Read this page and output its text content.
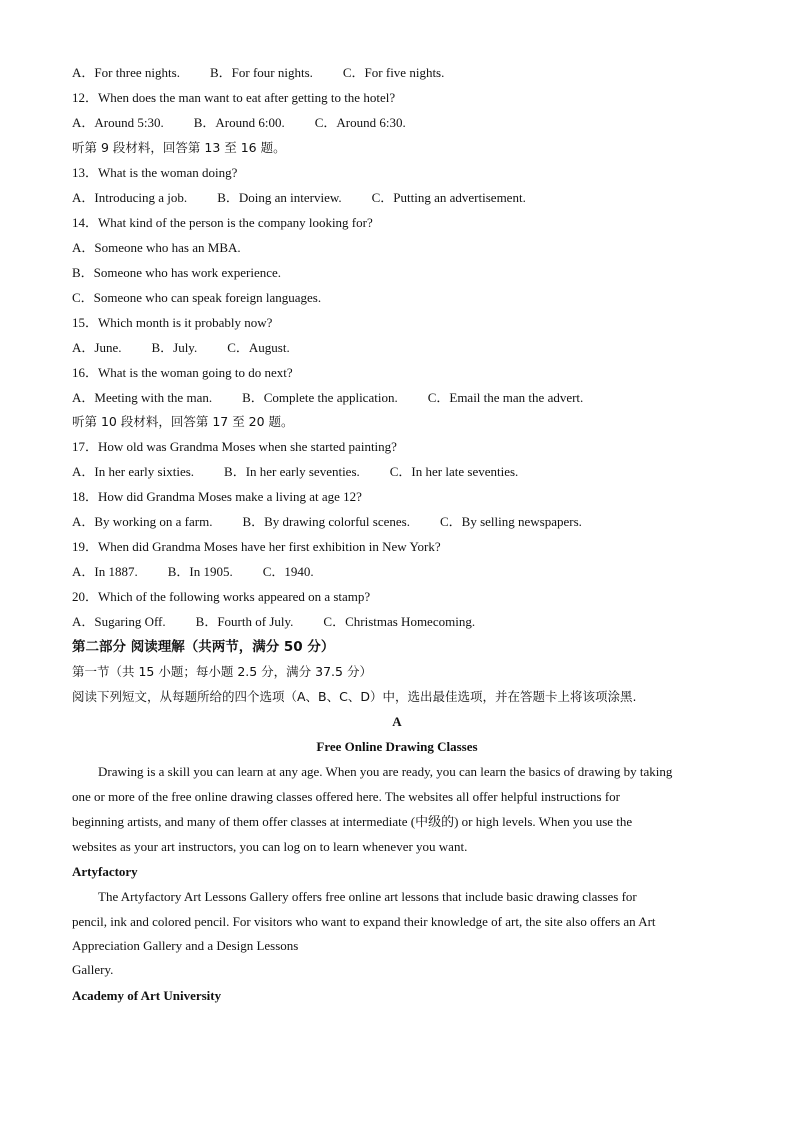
A．For three nights. B．For four nights. C．For five nights.
12．When does the man want to eat after getting to the hotel?
A．Around 5:30. B．Around 6:00. C．Around 6:30.
听第 9 段材料，回答第 13 至 16 题。
13．What is the woman doing?
A．Introducing a job. B．Doing an interview. C．Putting an advertisement.
14．What kind of the person is the company looking for?
A．Someone who has an MBA.
B．Someone who has work experience.
C．Someone who can speak foreign languages.
15．Which month is it probably now?
A．June. B．July. C．August.
16．What is the woman going to do next?
A．Meeting with the man. B．Complete the application. C．Email the man the advert.
听第 10 段材料，回答第 17 至 20 题。
17．How old was Grandma Moses when she started painting?
A．In her early sixties. B．In her early seventies. C．In her late seventies.
18．How did Grandma Moses make a living at age 12?
A．By working on a farm. B．By drawing colorful scenes. C．By selling newspapers.
19．When did Grandma Moses have her first exhibition in New York?
A．In 1887. B．In 1905. C．1940.
20．Which of the following works appeared on a stamp?
A．Sugaring Off. B．Fourth of July. C．Christmas Homecoming.
第二部分 阅读理解（共两节，满分 50 分）
第一节（共 15 小题；每小题 2.5 分，满分 37.5 分）
阅读下列短文，从每题所给的四个选项（A、B、C、D）中，选出最佳选项，并在答题卡上将该项涂黑.
A
Free Online Drawing Classes
Drawing is a skill you can learn at any age. When you are ready, you can learn the basics of drawing by taking
one or more of the free online drawing classes offered here. The websites all offer helpful instructions for
beginning artists, and many of them offer classes at intermediate (中级的) or high levels. When you use the
websites as your art instructors, you can log on to learn whenever you want.
Artyfactory
The Artyfactory Art Lessons Gallery offers free online art lessons that include basic drawing classes for
pencil, ink and colored pencil. For visitors who want to expand their knowledge of art, the site also offers an Art
Appreciation Gallery and a Design Lessons
Gallery.
Academy of Art University
